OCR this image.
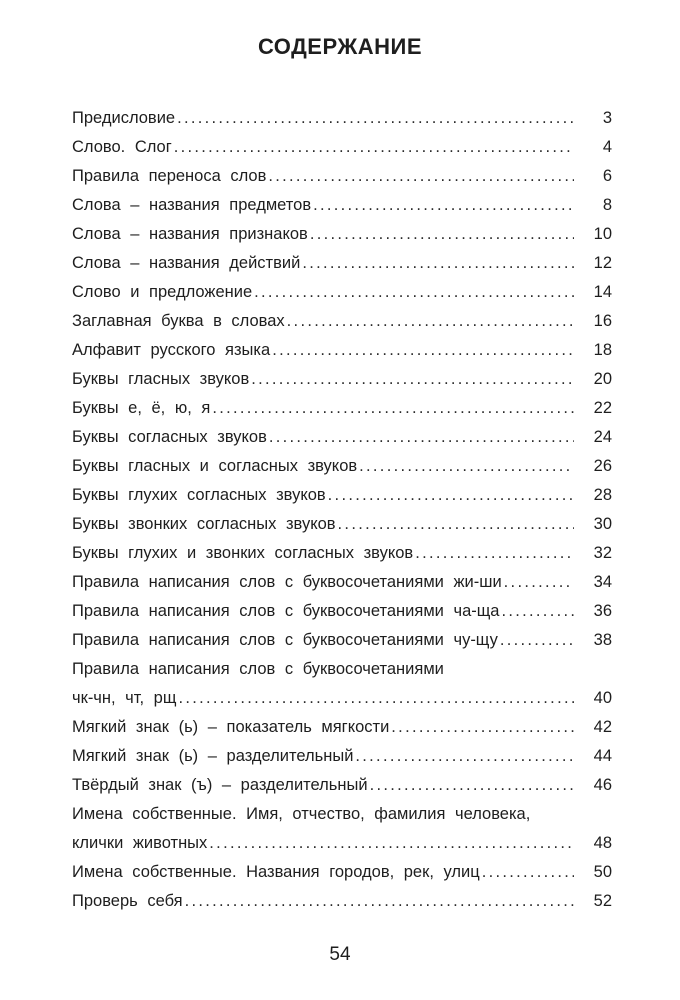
СОДЕРЖАНИЕ
Предисловие .....	3
Слово. Слог .....	4
Правила переноса слов .....	6
Слова – названия предметов .....	8
Слова – названия признаков .....	10
Слова – названия действий .....	12
Слово и предложение .....	14
Заглавная буква в словах .....	16
Алфавит русского языка .....	18
Буквы гласных звуков .....	20
Буквы е, ё, ю, я .....	22
Буквы согласных звуков .....	24
Буквы гласных и согласных звуков .....	26
Буквы глухих согласных звуков .....	28
Буквы звонких согласных звуков .....	30
Буквы глухих и звонких согласных звуков .....	32
Правила написания слов с буквосочетаниями жи-ши .....	34
Правила написания слов с буквосочетаниями ча-ща .....	36
Правила написания слов с буквосочетаниями чу-щу .....	38
Правила написания слов с буквосочетаниями
чк-чн, чт, рщ .....	40
Мягкий знак (ь) – показатель мягкости .....	42
Мягкий знак (ь) – разделительный .....	44
Твёрдый знак (ъ) – разделительный .....	46
Имена собственные. Имя, отчество, фамилия человека,
клички животных .....	48
Имена собственные. Названия городов, рек, улиц .....	50
Проверь себя .....	52
54
